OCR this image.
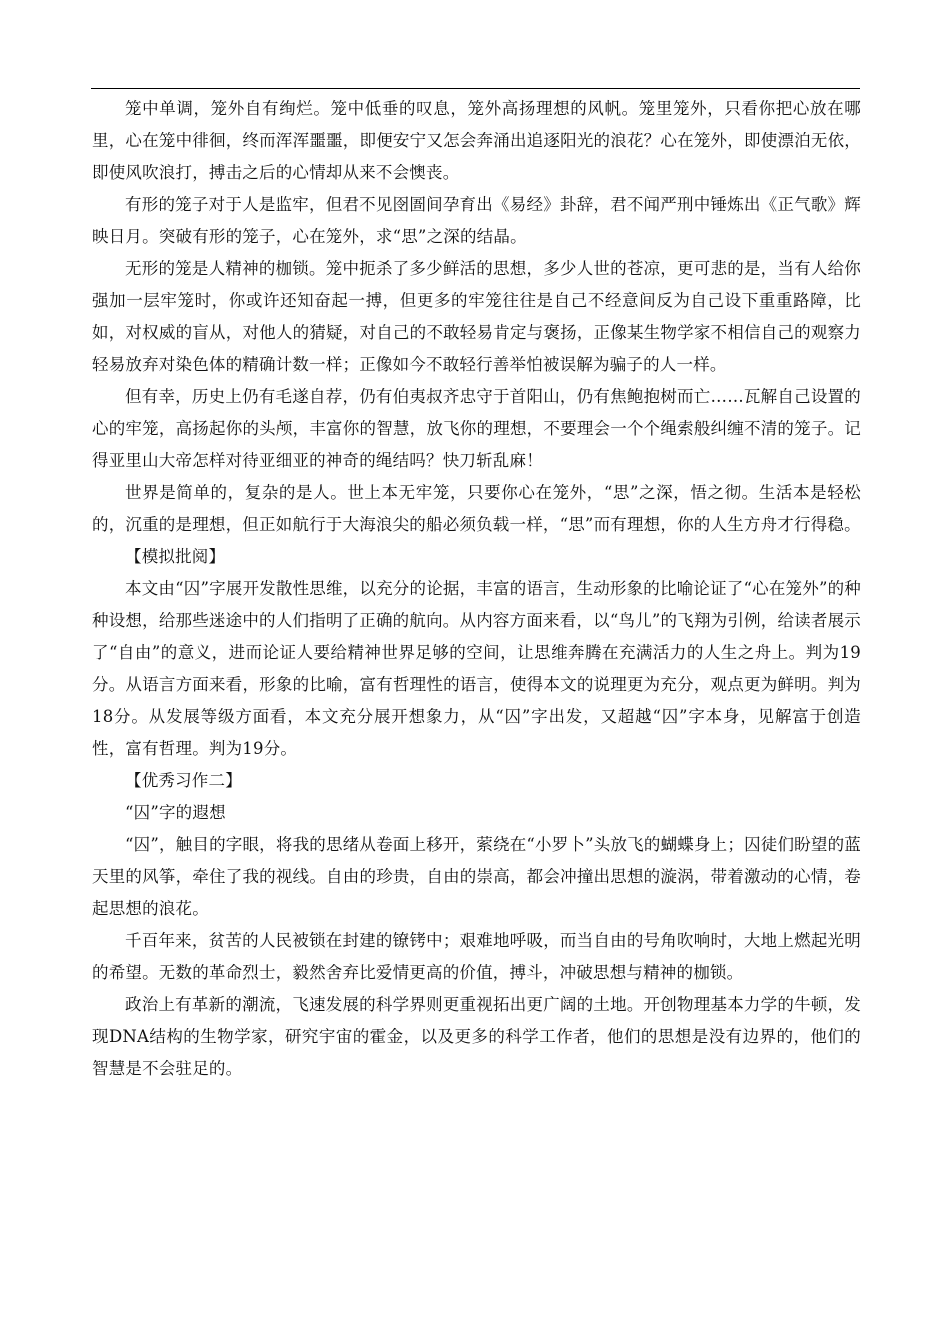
笼中单调，笼外自有绚烂。笼中低垂的叹息，笼外高扬理想的风帆。笼里笼外，只看你把心放在哪里，心在笼中徘徊，终而浑浑噩噩，即便安宁又怎会奔涌出追逐阳光的浪花？心在笼外，即使漂泊无依，即使风吹浪打，搏击之后的心情却从来不会懊丧。

有形的笼子对于人是监牢，但君不见囹圄间孕育出《易经》卦辞，君不闻严刑中锤炼出《正气歌》辉映日月。突破有形的笼子，心在笼外，求“思”之深的结晶。

无形的笼是人精神的枷锁。笼中扼杀了多少鲜活的思想，多少人世的苍凉，更可悲的是，当有人给你强加一层牢笼时，你或许还知奋起一搏，但更多的牢笼往往是自己不经意间反为自己设下重重路障，比如，对权威的盲从，对他人的猜疑，对自己的不敢轻易肯定与褒扬，正像某生物学家不相信自己的观察力轻易放弃对染色体的精确计数一样；正像如今不敢轻行善举怕被误解为骗子的人一样。

但有幸，历史上仍有毛遂自荐，仍有伯夷叔齐忠守于首阳山，仍有焦鲍抱树而亡……瓦解自己设置的心的牢笼，高扬起你的头颅，丰富你的智慧，放飞你的理想，不要理会一个个绳索般纠缠不清的笼子。记得亚里山大帝怎样对待亚细亚的神奇的绳结吗？快刀斩乱麻！

世界是简单的，复杂的是人。世上本无牢笼，只要你心在笼外，“思”之深，悟之彻。生活本是轻松的，沉重的是理想，但正如航行于大海浪尖的船必须负载一样，“思”而有理想，你的人生方舟才行得稳。

【模拟批阅】

本文由“囚”字展开发散性思维，以充分的论据，丰富的语言，生动形象的比喻论证了“心在笼外”的种种设想，给那些迷途中的人们指明了正确的航向。从内容方面来看，以“鸟儿”的飞翔为引例，给读者展示了“自由”的意义，进而论证人要给精神世界足够的空间，让思维奔腾在充满活力的人生之舟上。判为19分。从语言方面来看，形象的比喻，富有哲理性的语言，使得本文的说理更为充分，观点更为鲜明。判为18分。从发展等级方面看，本文充分展开想象力，从“囚”字出发，又超越“囚”字本身，见解富于创造性，富有哲理。判为19分。

【优秀习作二】

“囚”字的遐想

“囚”，触目的字眼，将我的思绪从卷面上移开，萦绕在“小罗卜”头放飞的蝴蝶身上；囚徒们盼望的蓝天里的风筝，牵住了我的视线。自由的珍贵，自由的崇高，都会冲撞出思想的漩涡，带着激动的心情，卷起思想的浪花。

千百年来，贫苦的人民被锁在封建的镣铐中；艰难地呼吸，而当自由的号角吹响时，大地上燃起光明的希望。无数的革命烈士，毅然舍弃比爱情更高的价值，搏斗，冲破思想与精神的枷锁。

政治上有革新的潮流，飞速发展的科学界则更重视拓出更广阔的土地。开创物理基本力学的牛顿，发现DNA结构的生物学家，研究宇宙的霍金，以及更多的科学工作者，他们的思想是没有边界的，他们的智慧是不会驻足的。
